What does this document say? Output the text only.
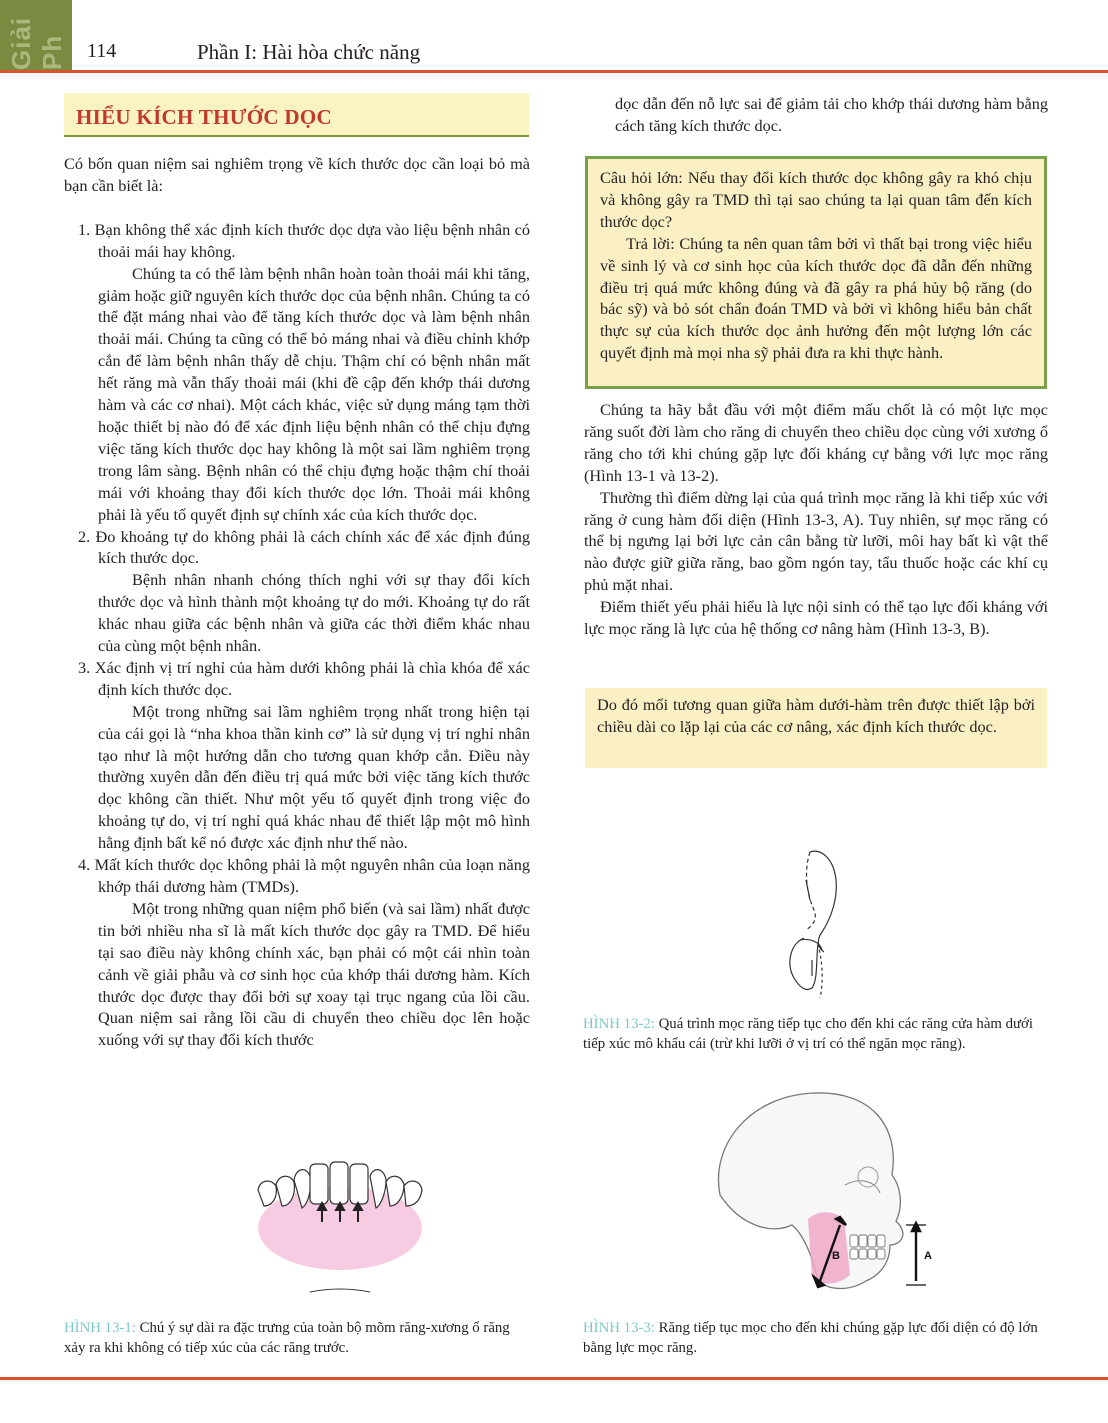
Giải Ph 114	Phần I: Hài hòa chức năng
HIỂU KÍCH THƯỚC DỌC

Có bốn quan niệm sai nghiêm trọng về kích thước dọc cần loại bỏ mà bạn cần biết là:

1. Bạn không thể xác định kích thước dọc dựa vào liệu bệnh nhân có thoải mái hay không.

Chúng ta có thể làm bệnh nhân hoàn toàn thoải mái khi tăng, giảm hoặc giữ nguyên kích thước dọc của bệnh nhân. Chúng ta có thể đặt máng nhai vào để tăng kích thước dọc và làm bệnh nhân thoải mái. Chúng ta cũng có thể bỏ máng nhai và điều chỉnh khớp cắn để làm bệnh nhân thấy dễ chịu. Thậm chí có bệnh nhân mất hết răng mà vẫn thấy thoải mái (khi đề cập đến khớp thái dương hàm và các cơ nhai). Một cách khác, việc sử dụng máng tạm thời hoặc thiết bị nào đó để xác định liệu bệnh nhân có thể chịu đựng việc tăng kích thước dọc hay không là một sai lầm nghiêm trọng trong lâm sàng. Bệnh nhân có thể chịu đựng hoặc thậm chí thoải mái với khoảng thay đổi kích thước dọc lớn. Thoải mái không phải là yếu tố quyết định sự chính xác của kích thước dọc.

2. Đo khoảng tự do không phải là cách chính xác để xác định đúng kích thước dọc.

Bệnh nhân nhanh chóng thích nghi với sự thay đổi kích thước dọc và hình thành một khoảng tự do mới. Khoảng tự do rất khác nhau giữa các bệnh nhân và giữa các thời điểm khác nhau của cùng một bệnh nhân.

3. Xác định vị trí nghỉ của hàm dưới không phải là chìa khóa để xác định kích thước dọc.

Một trong những sai lầm nghiêm trọng nhất trong hiện tại của cái gọi là “nha khoa thần kinh cơ” là sử dụng vị trí nghỉ nhân tạo như là một hướng dẫn cho tương quan khớp cắn. Điều này thường xuyên dẫn đến điều trị quá mức bởi việc tăng kích thước dọc không cần thiết. Như một yếu tố quyết định trong việc đo khoảng tự do, vị trí nghỉ quá khác nhau để thiết lập một mô hình hằng định bất kể nó được xác định như thế nào.

4. Mất kích thước dọc không phải là một nguyên nhân của loạn năng khớp thái dương hàm (TMDs).

Một trong những quan niệm phổ biến (và sai lầm) nhất được tin bởi nhiều nha sĩ là mất kích thước dọc gây ra TMD. Để hiểu tại sao điều này không chính xác, bạn phải có một cái nhìn toàn cảnh về giải phẫu và cơ sinh học của khớp thái dương hàm. Kích thước dọc được thay đổi bởi sự xoay tại trục ngang của lồi cầu. Quan niệm sai rằng lồi cầu di chuyển theo chiều dọc lên hoặc xuống với sự thay đổi kích thước

dọc dẫn đến nỗ lực sai để giảm tải cho khớp thái dương hàm bằng cách tăng kích thước dọc.

Câu hỏi lớn: Nếu thay đổi kích thước dọc không gây ra khó chịu và không gây ra TMD thì tại sao chúng ta lại quan tâm đến kích thước dọc?

Trả lời: Chúng ta nên quan tâm bởi vì thất bại trong việc hiểu về sinh lý và cơ sinh học của kích thước dọc đã dẫn đến những điều trị quá mức không đúng và đã gây ra phá hủy bộ răng (do bác sỹ) và bỏ sót chẩn đoán TMD và bởi vì không hiểu bản chất thực sự của kích thước dọc ảnh hưởng đến một lượng lớn các quyết định mà mọi nha sỹ phải đưa ra khi thực hành.

Chúng ta hãy bắt đầu với một điểm mấu chốt là có một lực mọc răng suốt đời làm cho răng di chuyển theo chiều dọc cùng với xương ổ răng cho tới khi chúng gặp lực đối kháng cự bằng với lực mọc răng (Hình 13-1 và 13-2).

Thường thì điểm dừng lại của quá trình mọc răng là khi tiếp xúc với răng ở cung hàm đối diện (Hình 13-3, A). Tuy nhiên, sự mọc răng có thể bị ngưng lại bởi lực cản cân bằng từ lưỡi, môi hay bất kì vật thể nào được giữ giữa răng, bao gồm ngón tay, tẩu thuốc hoặc các khí cụ phủ mặt nhai.

Điểm thiết yếu phải hiểu là lực nội sinh có thể tạo lực đối kháng với lực mọc răng là lực của hệ thống cơ nâng hàm (Hình 13-3, B).

Do đó mối tương quan giữa hàm dưới-hàm trên được thiết lập bởi chiều dài co lặp lại của các cơ nâng, xác định kích thước dọc.

HÌNH 13-2: Quá trình mọc răng tiếp tục cho đến khi các răng cửa hàm dưới tiếp xúc mô khẩu cái (trừ khi lưỡi ở vị trí có thể ngăn mọc răng).
HÌNH 13-1: Chú ý sự dài ra đặc trưng của toàn bộ mõm răng-xương ổ răng xảy ra khi không có tiếp xúc của các răng trước.
B	A
HÌNH 13-3: Răng tiếp tục mọc cho đến khi chúng gặp lực đối diện có độ lớn bằng lực mọc răng.
